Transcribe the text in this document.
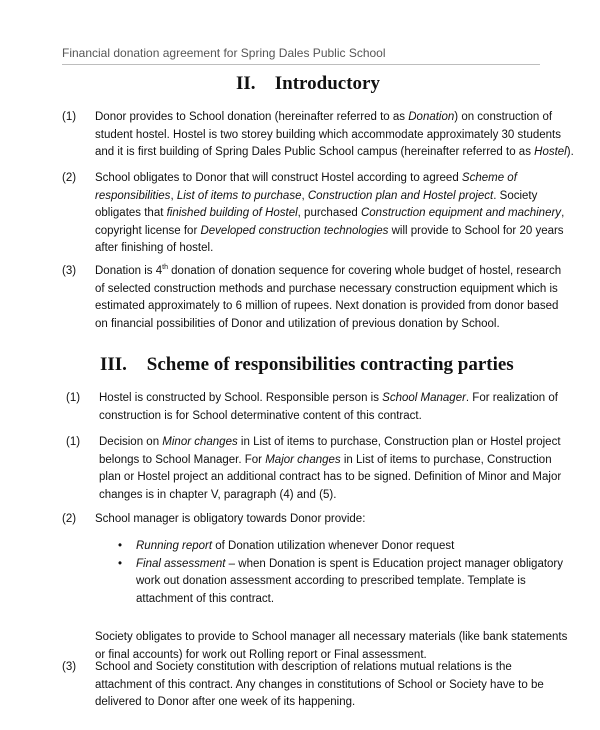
Financial donation agreement for Spring Dales Public School
II. Introductory
(1) Donor provides to School donation (hereinafter referred to as Donation) on construction of
student hostel. Hostel is two storey building which accommodate approximately 30 students
and it is first building of Spring Dales Public School campus (hereinafter referred to as Hostel).
(2) School obligates to Donor that will construct Hostel according to agreed Scheme of
responsibilities, List of items to purchase, Construction plan and Hostel project. Society
obligates that finished building of Hostel, purchased Construction equipment and machinery,
copyright license for Developed construction technologies will provide to School for 20 years
after finishing of hostel.
(3) Donation is 4th donation of donation sequence for covering whole budget of hostel, research
of selected construction methods and purchase necessary construction equipment which is
estimated approximately to 6 million of rupees. Next donation is provided from donor based
on financial possibilities of Donor and utilization of previous donation by School.
III. Scheme of responsibilities contracting parties
(1) Hostel is constructed by School. Responsible person is School Manager. For realization of
construction is for School determinative content of this contract.
(1) Decision on Minor changes in List of items to purchase, Construction plan or Hostel project
belongs to School Manager. For Major changes in List of items to purchase, Construction
plan or Hostel project an additional contract has to be signed. Definition of Minor and Major
changes is in chapter V, paragraph (4) and (5).
(2) School manager is obligatory towards Donor provide:
• Running report of Donation utilization whenever Donor request
• Final assessment – when Donation is spent is Education project manager obligatory
work out donation assessment according to prescribed template. Template is
attachment of this contract.
Society obligates to provide to School manager all necessary materials (like bank statements
or final accounts) for work out Rolling report or Final assessment.
(3) School and Society constitution with description of relations mutual relations is the
attachment of this contract. Any changes in constitutions of School or Society have to be
delivered to Donor after one week of its happening.
